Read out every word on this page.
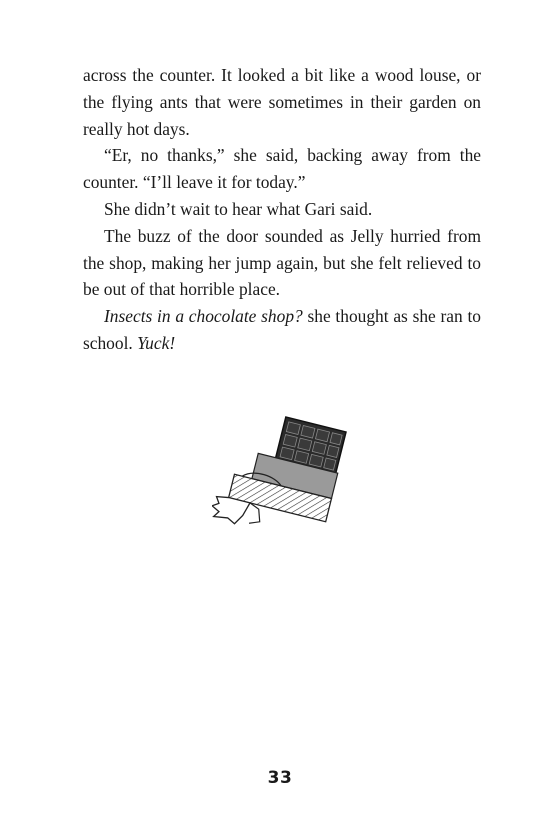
across the counter. It looked a bit like a wood louse, or the flying ants that were sometimes in their garden on really hot days.

“Er, no thanks,” she said, backing away from the counter. “I’ll leave it for today.”

She didn’t wait to hear what Gari said.

The buzz of the door sounded as Jelly hurried from the shop, making her jump again, but she felt relieved to be out of that horrible place.

Insects in a chocolate shop? she thought as she ran to school. Yuck!

33
